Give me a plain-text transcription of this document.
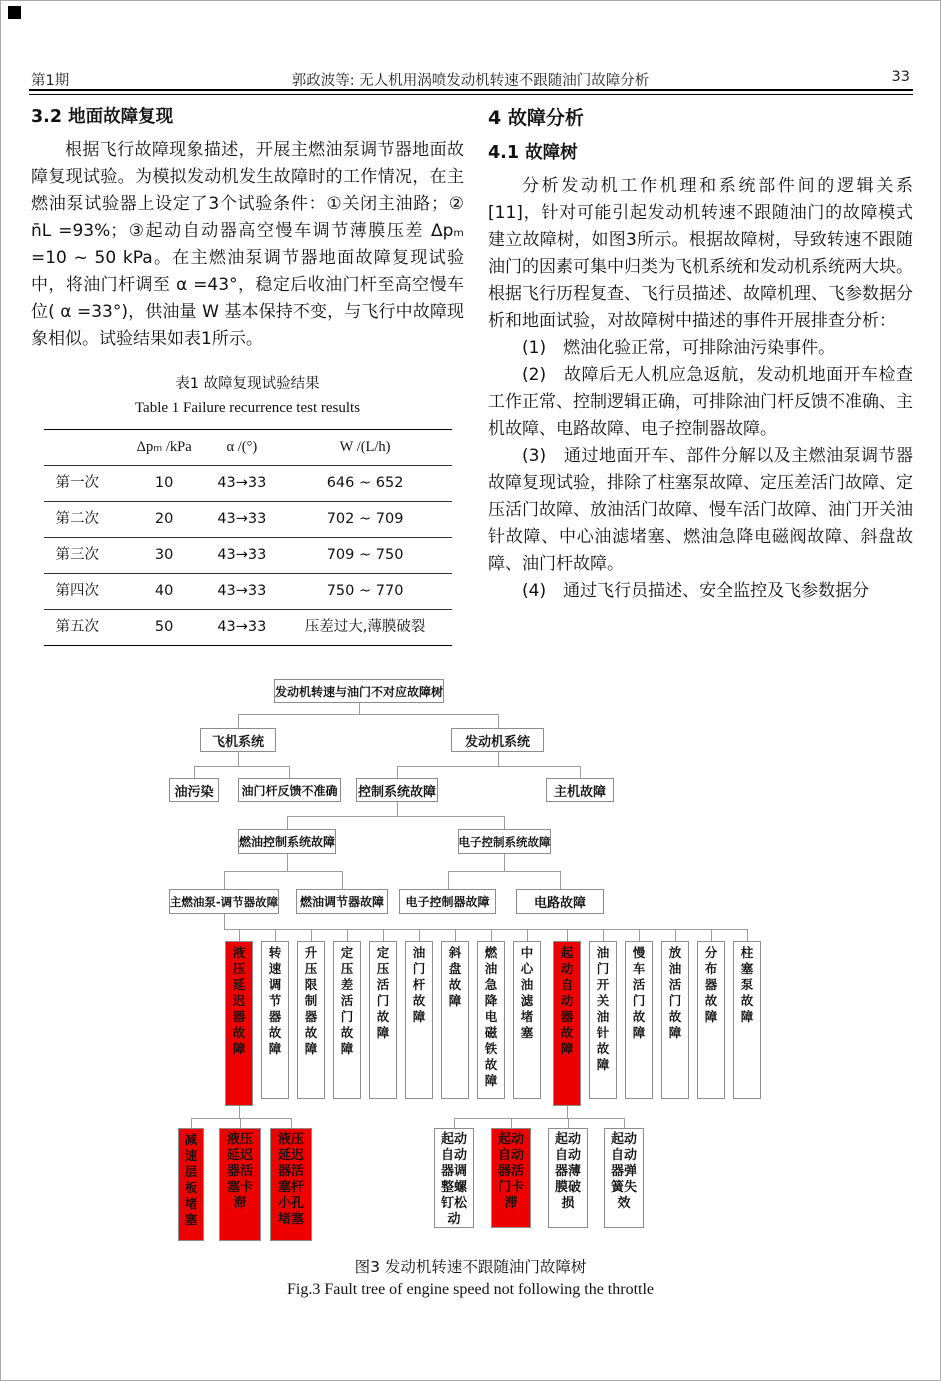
第1期	郭政波等: 无人机用涡喷发动机转速不跟随油门故障分析	33
3.2 地面故障复现

根据飞行故障现象描述，开展主燃油泵调节器地面故障复现试验。为模拟发动机发生故障时的工作情况，在主燃油泵试验器上设定了3个试验条件：①关闭主油路；② n̄L =93%；③起动自动器高空慢车调节薄膜压差 Δpₘ =10 ~ 50 kPa。在主燃油泵调节器地面故障复现试验中，将油门杆调至 α =43°，稳定后收油门杆至高空慢车位( α =33°)，供油量 W 基本保持不变，与飞行中故障现象相似。试验结果如表1所示。

表1 故障复现试验结果
Table 1 Failure recurrence test results
	Δpₘ /kPa	α /(°)	W /(L/h)
第一次	10	43→33	646 ~ 652
第二次	20	43→33	702 ~ 709
第三次	30	43→33	709 ~ 750
第四次	40	43→33	750 ~ 770
第五次	50	43→33	压差过大,薄膜破裂
4 故障分析
4.1 故障树

分析发动机工作机理和系统部件间的逻辑关系[11]，针对可能引起发动机转速不跟随油门的故障模式建立故障树，如图3所示。根据故障树，导致转速不跟随油门的因素可集中归类为飞机系统和发动机系统两大块。根据飞行历程复查、飞行员描述、故障机理、飞参数据分析和地面试验，对故障树中描述的事件开展排查分析：

(1)　燃油化验正常，可排除油污染事件。

(2)　故障后无人机应急返航，发动机地面开车检查工作正常、控制逻辑正确，可排除油门杆反馈不准确、主机故障、电路故障、电子控制器故障。

(3)　通过地面开车、部件分解以及主燃油泵调节器故障复现试验，排除了柱塞泵故障、定压差活门故障、定压活门故障、放油活门故障、慢车活门故障、油门开关油针故障、中心油滤堵塞、燃油急降电磁阀故障、斜盘故障、油门杆故障。

(4)　通过飞行员描述、安全监控及飞参数据分

发动机转速与油门不对应故障树
飞机系统	发动机系统
油污染	油门杆反馈不准确 控制系统故障	主机故障
燃油控制系统故障	电子控制系统故障
主燃油泵-调节器故障	燃油调节器故障	电子控制器故障	电路故障
液压延迟器故障
转速调节器故障
升压限制器故障
定压差活门故障
定压活门故障
油门杆故障
斜盘故障
燃油急降电磁铁故障
中心油滤堵塞
起动自动器故障
油门开关油针故障
慢车活门故障
放油活门故障
分布器故障
柱塞泵故障
减速层板堵塞
液压延迟器活塞卡滞
液压延迟器活塞杆小孔堵塞
起动自动器调整螺钉松动
起动自动器活门卡滞
起动自动器薄膜破损
起动自动器弹簧失效
图3 发动机转速不跟随油门故障树
Fig.3 Fault tree of engine speed not following the throttle
